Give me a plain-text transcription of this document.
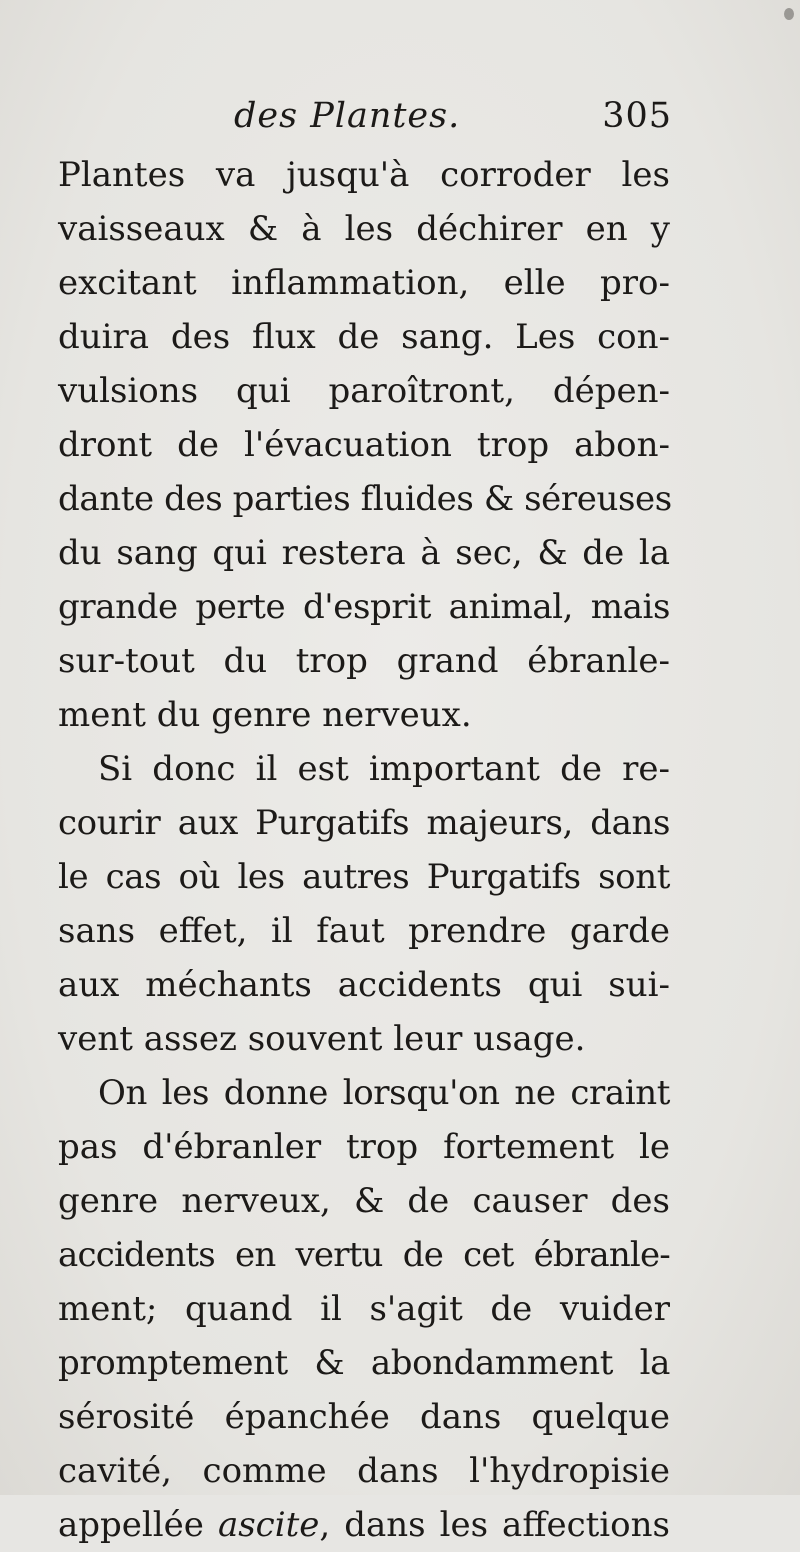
des Plantes.	305
Plantes va jusqu'à corroder les
vaisseaux & à les déchirer en y
excitant inflammation, elle pro-
duira des flux de sang. Les con-
vulsions qui paroîtront, dépen-
dront de l'évacuation trop abon-
dante des parties fluides & séreuses
du sang qui restera à sec, & de la
grande perte d'esprit animal, mais
sur-tout du trop grand ébranle-
ment du genre nerveux.
Si donc il est important de re-
courir aux Purgatifs majeurs, dans
le cas où les autres Purgatifs sont
sans effet, il faut prendre garde
aux méchants accidents qui sui-
vent assez souvent leur usage.
On les donne lorsqu'on ne craint
pas d'ébranler trop fortement le
genre nerveux, & de causer des
accidents en vertu de cet ébranle-
ment; quand il s'agit de vuider
promptement & abondamment la
sérosité épanchée dans quelque
cavité, comme dans l'hydropisie
appellée ascite, dans les affections
